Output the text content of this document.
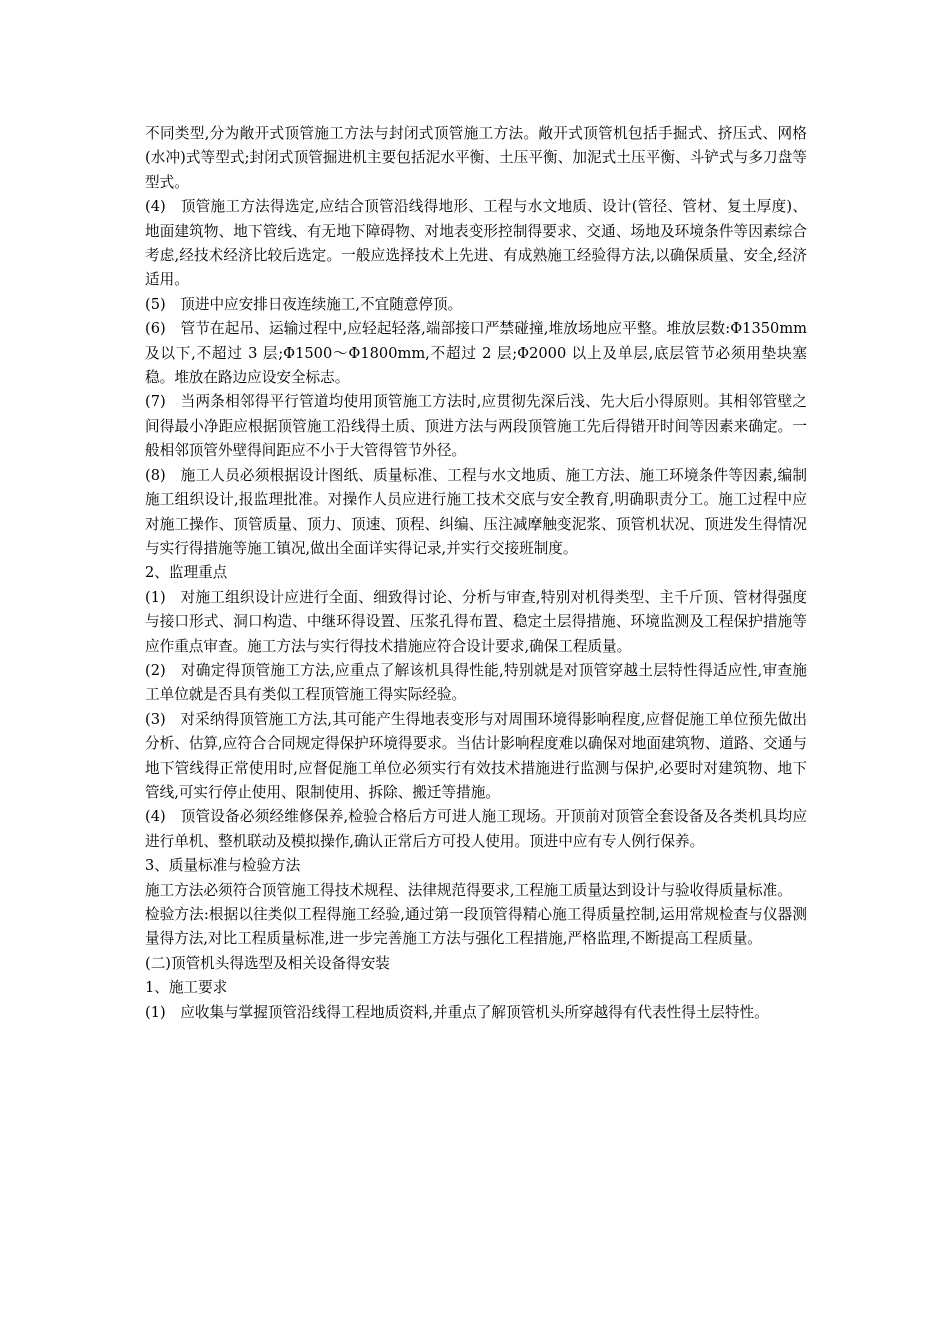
不同类型,分为敞开式顶管施工方法与封闭式顶管施工方法。敞开式顶管机包括手掘式、挤压式、网格(水冲)式等型式;封闭式顶管掘进机主要包括泥水平衡、土压平衡、加泥式土压平衡、斗铲式与多刀盘等型式。

(4)　顶管施工方法得选定,应结合顶管沿线得地形、工程与水文地质、设计(管径、管材、复土厚度)、地面建筑物、地下管线、有无地下障碍物、对地表变形控制得要求、交通、场地及环境条件等因素综合考虑,经技术经济比较后选定。一般应选择技术上先进、有成熟施工经验得方法,以确保质量、安全,经济适用。

(5)　顶进中应安排日夜连续施工,不宜随意停顶。

(6)　管节在起吊、运输过程中,应轻起轻落,端部接口严禁碰撞,堆放场地应平整。堆放层数:Φ1350mm 及以下,不超过 3 层;Φ1500～Φ1800mm,不超过 2 层;Φ2000 以上及单层,底层管节必须用垫块塞稳。堆放在路边应设安全标志。

(7)　当两条相邻得平行管道均使用顶管施工方法时,应贯彻先深后浅、先大后小得原则。其相邻管壁之间得最小净距应根据顶管施工沿线得土质、顶进方法与两段顶管施工先后得错开时间等因素来确定。一般相邻顶管外壁得间距应不小于大管得管节外径。

(8)　施工人员必须根据设计图纸、质量标准、工程与水文地质、施工方法、施工环境条件等因素,编制施工组织设计,报监理批准。对操作人员应进行施工技术交底与安全教育,明确职责分工。施工过程中应对施工操作、顶管质量、顶力、顶速、顶程、纠编、压注减摩触变泥浆、顶管机状况、顶进发生得情况与实行得措施等施工镇况,做出全面详实得记录,并实行交接班制度。

2、监理重点

(1)　对施工组织设计应进行全面、细致得讨论、分析与审查,特别对机得类型、主千斤顶、管材得强度与接口形式、洞口构造、中继环得设置、压浆孔得布置、稳定土层得措施、环境监测及工程保护措施等应作重点审查。施工方法与实行得技术措施应符合设计要求,确保工程质量。

(2)　对确定得顶管施工方法,应重点了解该机具得性能,特别就是对顶管穿越土层特性得适应性,审查施工单位就是否具有类似工程顶管施工得实际经验。

(3)　对采纳得顶管施工方法,其可能产生得地表变形与对周围环境得影响程度,应督促施工单位预先做出分析、估算,应符合合同规定得保护环境得要求。当估计影响程度难以确保对地面建筑物、道路、交通与地下管线得正常使用时,应督促施工单位必须实行有效技术措施进行监测与保护,必要时对建筑物、地下管线,可实行停止使用、限制使用、拆除、搬迁等措施。

(4)　顶管设备必须经维修保养,检验合格后方可进人施工现场。开顶前对顶管全套设备及各类机具均应进行单机、整机联动及模拟操作,确认正常后方可投人使用。顶进中应有专人例行保养。

3、质量标准与检验方法

施工方法必须符合顶管施工得技术规程、法律规范得要求,工程施工质量达到设计与验收得质量标准。

检验方法:根据以往类似工程得施工经验,通过第一段顶管得精心施工得质量控制,运用常规检查与仪器测量得方法,对比工程质量标准,进一步完善施工方法与强化工程措施,严格监理,不断提高工程质量。

(二)顶管机头得选型及相关设备得安装

1、施工要求

(1)　应收集与掌握顶管沿线得工程地质资料,并重点了解顶管机头所穿越得有代表性得土层特性。
